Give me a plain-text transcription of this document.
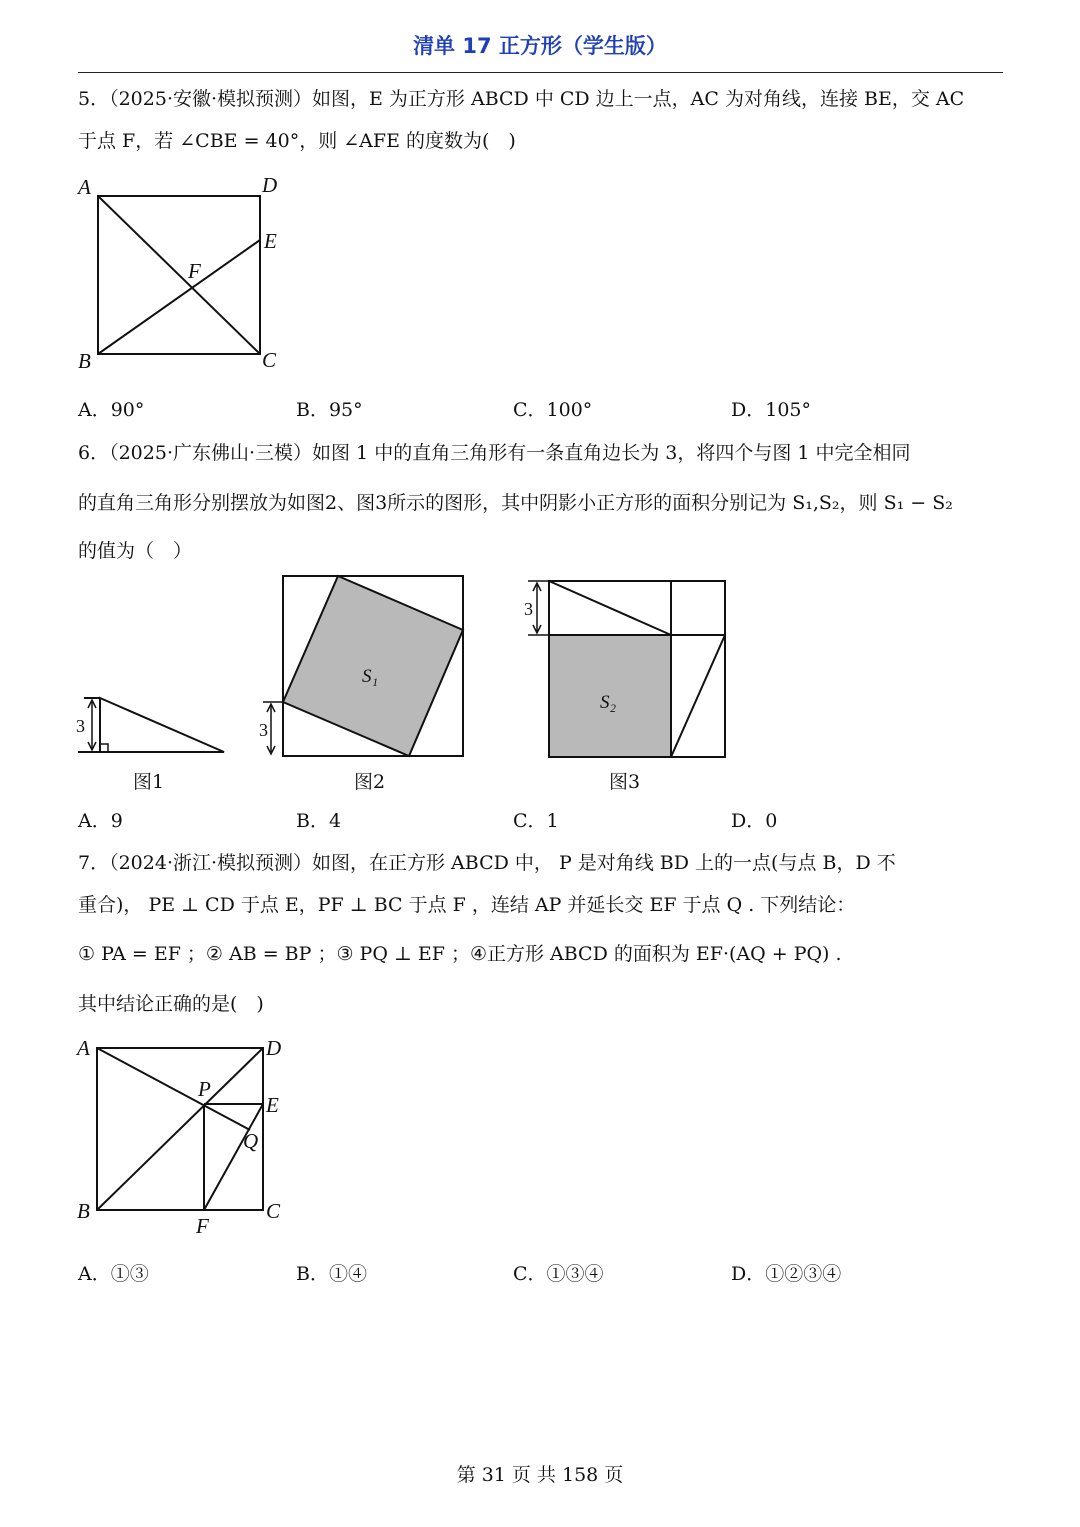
清单 17 正方形（学生版）
5．（2025·安徽·模拟预测）如图，E 为正方形 ABCD 中 CD 边上一点，AC 为对角线，连接 BE，交 AC
于点 F，若 ∠CBE = 40°，则 ∠AFE 的度数为(　)
A	D
E
F
B	C
A．90°	B．95°	C．100°	D．105°
6．（2025·广东佛山·三模）如图 1 中的直角三角形有一条直角边长为 3，将四个与图 1 中完全相同
的直角三角形分别摆放为如图2、图3所示的图形，其中阴影小正方形的面积分别记为 S₁,S₂，则 S₁ − S₂
的值为（　）
3	3
S₁
3
S₂
图1	图2	图3
A．9	B．4	C．1	D．0
7．（2024·浙江·模拟预测）如图，在正方形 ABCD 中， P 是对角线 BD 上的一点(与点 B，D 不
重合)， PE ⊥ CD 于点 E，PF ⊥ BC 于点 F ，连结 AP 并延长交 EF 于点 Q . 下列结论：
① PA = EF ；② AB = BP ；③ PQ ⊥ EF ；④正方形 ABCD 的面积为 EF·(AQ + PQ) .
其中结论正确的是(　)
A	D
P
E
Q
B	C
F
A．①③	B．①④	C．①③④	D．①②③④
第 31 页 共 158 页
